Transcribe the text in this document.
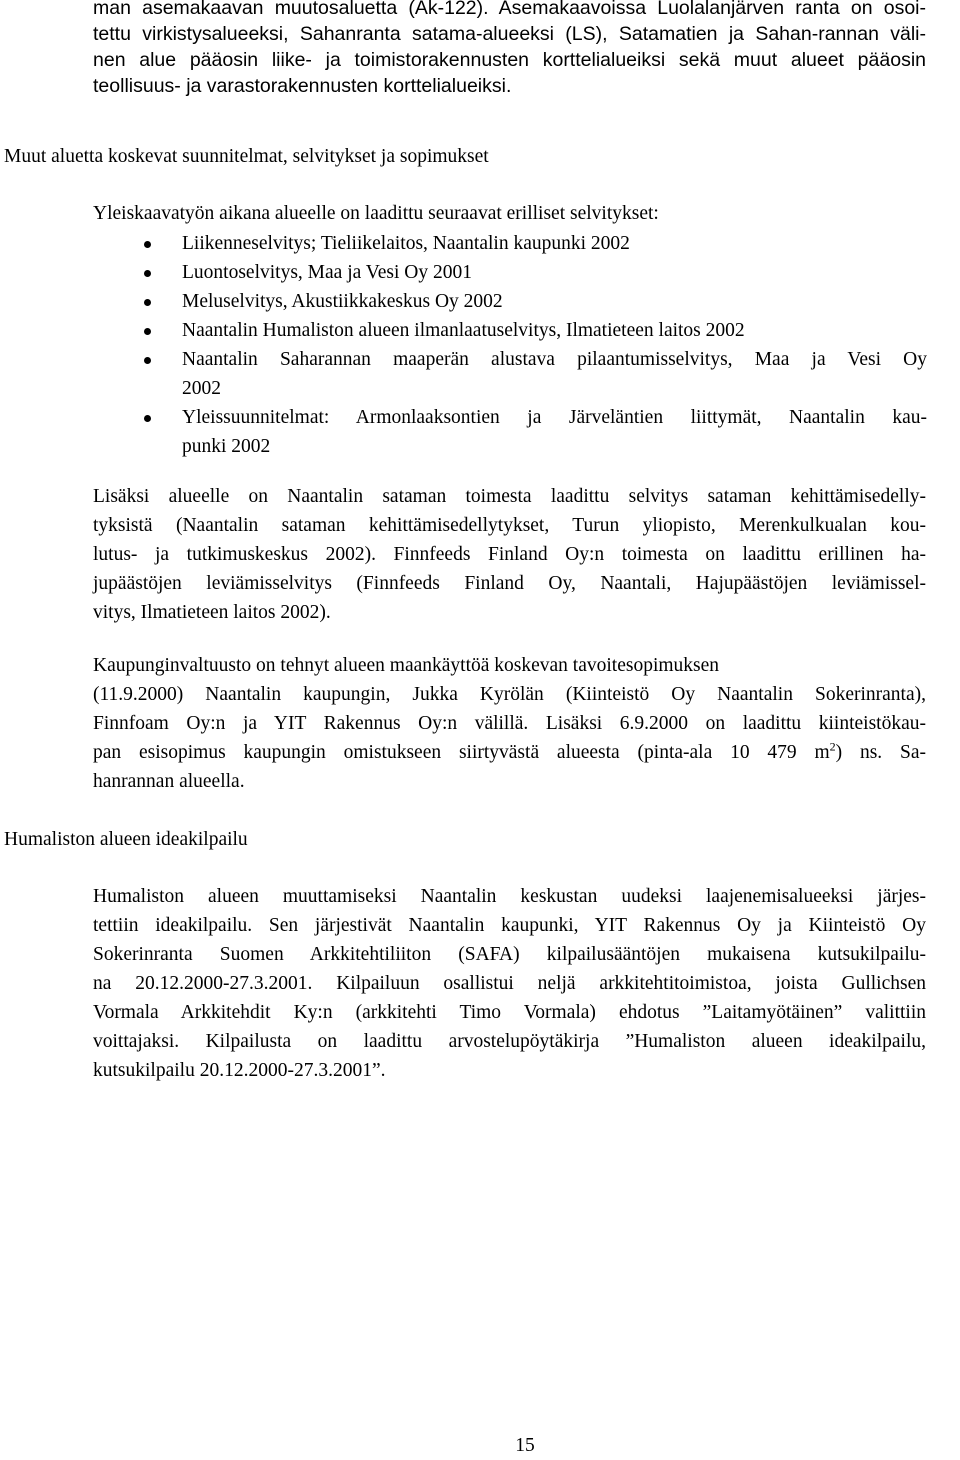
man asemakaavan muutosaluetta (Ak-122). Asemakaavoissa Luolalanjärven ranta on osoi-
tettu virkistysalueeksi, Sahanranta satama-alueeksi (LS), Satamatien ja Sahan-rannan väli-
nen alue pääosin liike- ja toimistorakennusten korttelialueiksi sekä muut alueet pääosin
teollisuus- ja varastorakennusten korttelialueiksi.
Muut aluetta koskevat suunnitelmat, selvitykset ja sopimukset
Yleiskaavatyön aikana alueelle on laadittu seuraavat erilliset selvitykset:
Liikenneselvitys; Tieliikelaitos, Naantalin kaupunki 2002
Luontoselvitys, Maa ja Vesi Oy 2001
Meluselvitys, Akustiikkakeskus Oy 2002
Naantalin Humaliston alueen ilmanlaatuselvitys, Ilmatieteen laitos 2002
Naantalin Saharannan maaperän alustava pilaantumisselvitys, Maa ja Vesi Oy
2002
Yleissuunnitelmat: Armonlaaksontien ja Järveläntien liittymät, Naantalin kau-
punki 2002
Lisäksi alueelle on Naantalin sataman toimesta laadittu selvitys sataman kehittämisedelly-
tyksistä (Naantalin sataman kehittämisedellytykset, Turun yliopisto, Merenkulkualan kou-
lutus- ja tutkimuskeskus 2002). Finnfeeds Finland Oy:n toimesta on laadittu erillinen ha-
jupäästöjen leviämisselvitys (Finnfeeds Finland Oy, Naantali, Hajupäästöjen leviämissel-
vitys, Ilmatieteen laitos 2002).
Kaupunginvaltuusto on tehnyt alueen maankäyttöä koskevan tavoitesopimuksen
(11.9.2000) Naantalin kaupungin, Jukka Kyrölän (Kiinteistö Oy Naantalin Sokerinranta),
Finnfoam Oy:n ja YIT Rakennus Oy:n välillä. Lisäksi 6.9.2000 on laadittu kiinteistökau-
pan esisopimus kaupungin omistukseen siirtyvästä alueesta (pinta-ala 10 479 $m^2$) ns. Sa-
hanrannan alueella.
Humaliston alueen ideakilpailu
Humaliston alueen muuttamiseksi Naantalin keskustan uudeksi laajenemisalueeksi järjes-
tettiin ideakilpailu. Sen järjestivät Naantalin kaupunki, YIT Rakennus Oy ja Kiinteistö Oy
Sokerinranta Suomen Arkkitehtiliiton (SAFA) kilpailusääntöjen mukaisena kutsukilpailu-
na 20.12.2000-27.3.2001. Kilpailuun osallistui neljä arkkitehtitoimistoa, joista Gullichsen
Vormala Arkkitehdit Ky:n (arkkitehti Timo Vormala) ehdotus ”Laitamyötäinen” valittiin
voittajaksi. Kilpailusta on laadittu arvostelupöytäkirja ”Humaliston alueen ideakilpailu,
kutsukilpailu 20.12.2000-27.3.2001”.
15
